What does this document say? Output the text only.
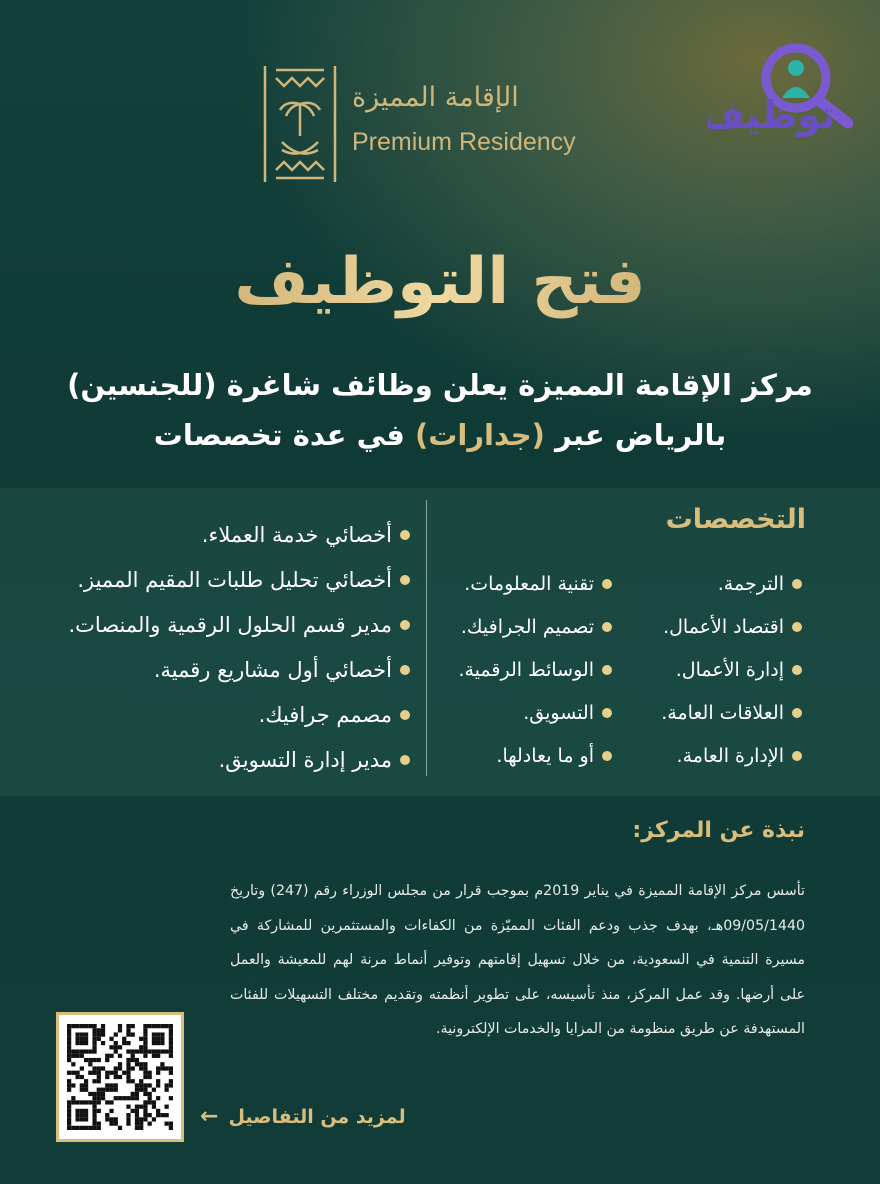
توظيف
الإقامة المميزة
Premium Residency
فتح التوظيف
مركز الإقامة المميزة يعلن وظائف شاغرة (للجنسين)
بالرياض عبر (جدارات) في عدة تخصصات
التخصصات
الترجمة.
اقتصاد الأعمال.
إدارة الأعمال.
العلاقات العامة.
الإدارة العامة.
تقنية المعلومات.
تصميم الجرافيك.
الوسائط الرقمية.
التسويق.
أو ما يعادلها.
أخصائي خدمة العملاء.
أخصائي تحليل طلبات المقيم المميز.
مدير قسم الحلول الرقمية والمنصات.
أخصائي أول مشاريع رقمية.
مصمم جرافيك.
مدير إدارة التسويق.
نبذة عن المركز:
تأسس مركز الإقامة المميزة في يناير 2019م بموجب قرار من مجلس الوزراء رقم (247) وتاريخ 09/05/1440هـ، بهدف جذب ودعم الفئات المميّزة من الكفاءات والمستثمرين للمشاركة في مسيرة التنمية في السعودية، من خلال تسهيل إقامتهم وتوفير أنماط مرنة لهم للمعيشة والعمل على أرضها. وقد عمل المركز، منذ تأسيسه، على تطوير أنظمته وتقديم مختلف التسهيلات للفئات المستهدفة عن طريق منظومة من المزايا والخدمات الإلكترونية.
لمزيد من التفاصيل
←
